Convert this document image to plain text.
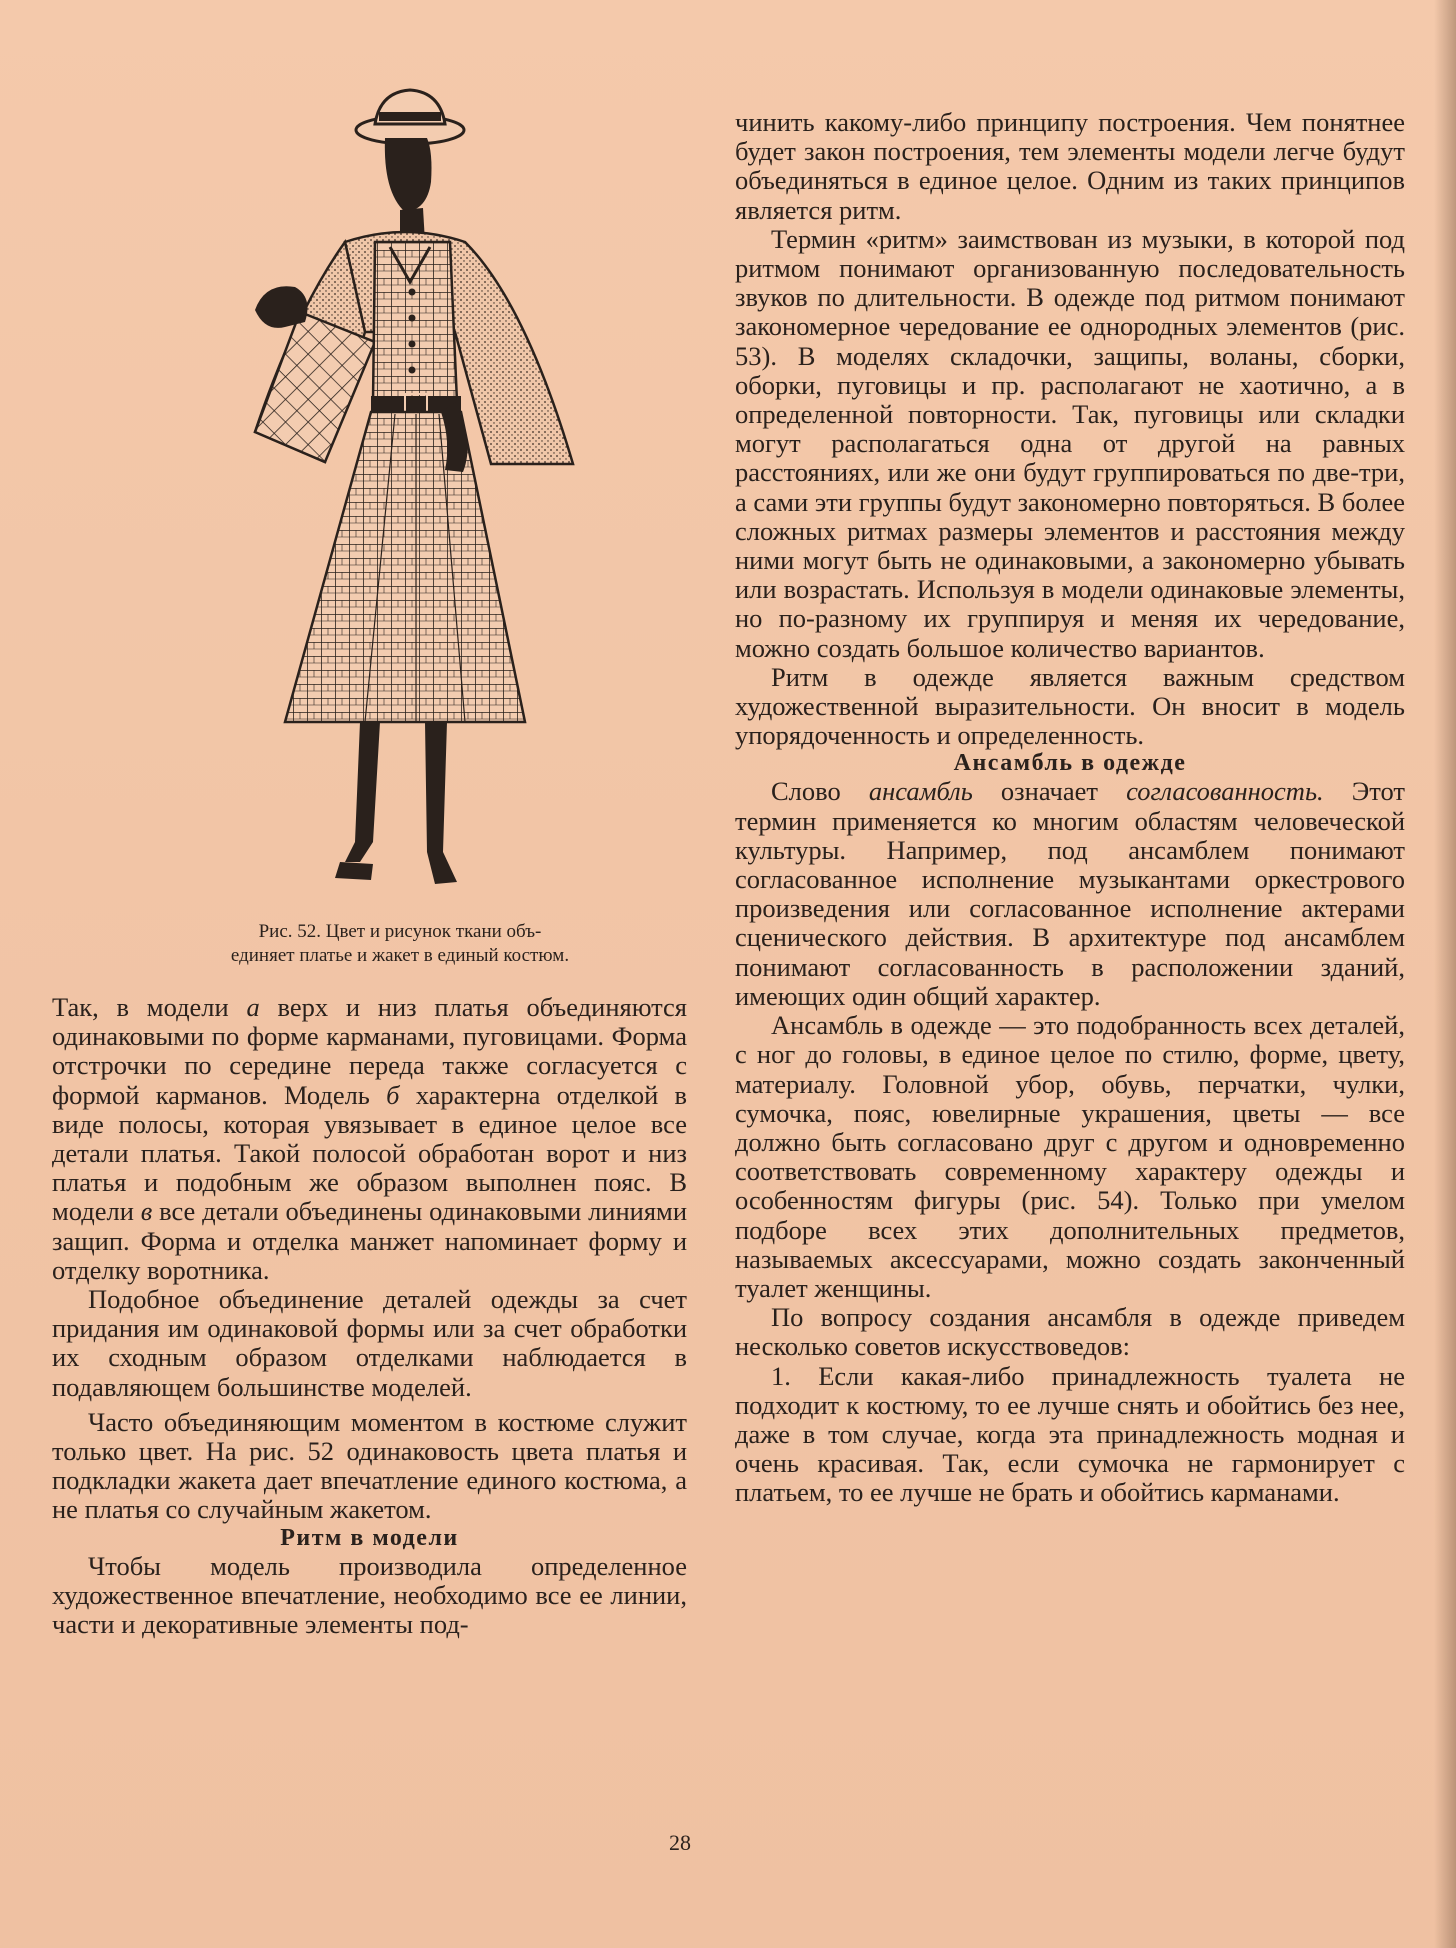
Рис. 52. Цвет и рисунок ткани объ-
единяет платье и жакет в единый костюм.

чинить какому-либо принципу построения. Чем понятнее будет закон построения, тем элементы модели легче будут объединяться в единое целое. Одним из таких принципов является ритм.

Термин «ритм» заимствован из музыки, в которой под ритмом понимают организованную последовательность звуков по длительности. В одежде под ритмом понимают закономерное чередование ее однородных элементов (рис. 53). В моделях складочки, защипы, воланы, сборки, оборки, пуговицы и пр. располагают не хаотично, а в определенной повторности. Так, пуговицы или складки могут располагаться одна от другой на равных расстояниях, или же они будут группироваться по две-три, а сами эти группы будут закономерно повторяться. В более сложных ритмах размеры элементов и расстояния между ними могут быть не одинаковыми, а закономерно убывать или возрастать. Используя в модели одинаковые элементы, но по-разному их группируя и меняя их чередование, можно создать большое количество вариантов.

Ритм в одежде является важным средством художественной выразительности. Он вносит в модель упорядоченность и определенность.

Ансамбль в одежде

Слово ансамбль означает согласованность. Этот термин применяется ко многим областям человеческой культуры. Например, под ансамблем понимают согласованное исполнение музыкантами оркестрового произведения или согласованное исполнение актерами сценического действия. В архитектуре под ансамблем понимают согласованность в расположении зданий, имеющих один общий характер.

Ансамбль в одежде — это подобранность всех деталей, с ног до головы, в единое целое по стилю, форме, цвету, материалу. Головной убор, обувь, перчатки, чулки, сумочка, пояс, ювелирные украшения, цветы — все должно быть согласовано друг с другом и одновременно соответствовать современному характеру одежды и особенностям фигуры (рис. 54). Только при умелом подборе всех этих дополнительных предметов, называемых аксессуарами, можно создать законченный туалет женщины.

По вопросу создания ансамбля в одежде приведем несколько советов искусствоведов:

1. Если какая-либо принадлежность туалета не подходит к костюму, то ее лучше снять и обойтись без нее, даже в том случае, когда эта принадлежность модная и очень красивая. Так, если сумочка не гармонирует с платьем, то ее лучше не брать и обойтись карманами.

Так, в модели а верх и низ платья объединяются одинаковыми по форме карманами, пуговицами. Форма отстрочки по середине переда также согласуется с формой карманов. Модель б характерна отделкой в виде полосы, которая увязывает в единое целое все детали платья. Такой полосой обработан ворот и низ платья и подобным же образом выполнен пояс. В модели в все детали объединены одинаковыми линиями защип. Форма и отделка манжет напоминает форму и отделку воротника.

Подобное объединение деталей одежды за счет придания им одинаковой формы или за счет обработки их сходным образом отделками наблюдается в подавляющем большинстве моделей.

Часто объединяющим моментом в костюме служит только цвет. На рис. 52 одинаковость цвета платья и подкладки жакета дает впечатление единого костюма, а не платья со случайным жакетом.

Ритм в модели

Чтобы модель производила определенное художественное впечатление, необходимо все ее линии, части и декоративные элементы под-

28
